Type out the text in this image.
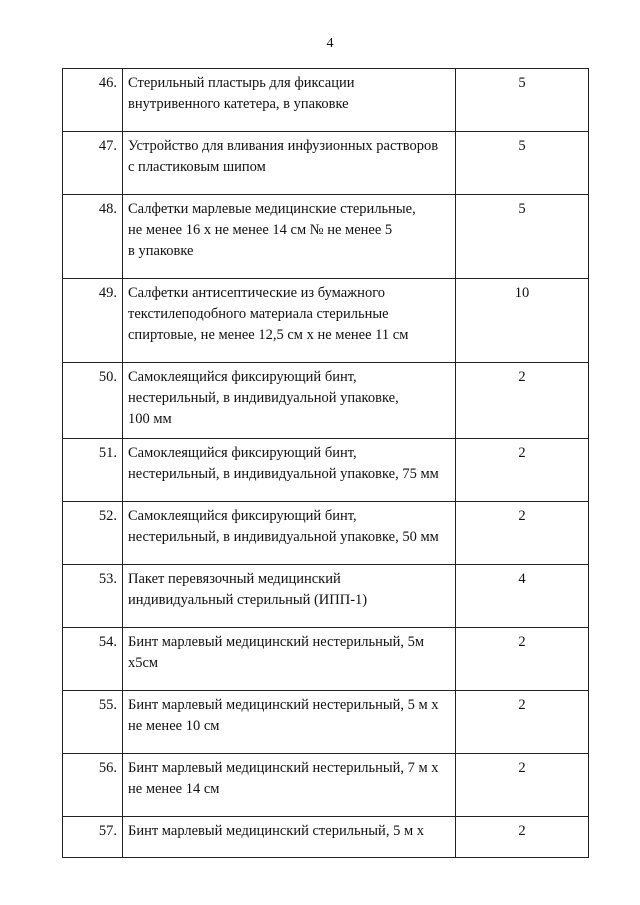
4
46.	Стерильный пластырь для фиксации
внутривенного катетера, в упаковке	5
47.	Устройство для вливания инфузионных растворов
с пластиковым шипом	5
48.	Салфетки марлевые медицинские стерильные,
не менее 16 х не менее 14 см № не менее 5
в упаковке	5
49.	Салфетки антисептические из бумажного
текстилеподобного материала стерильные
спиртовые, не менее 12,5 см х не менее 11 см	10
50.	Самоклеящийся фиксирующий бинт,
нестерильный, в индивидуальной упаковке,
100 мм	2
51.	Самоклеящийся фиксирующий бинт,
нестерильный, в индивидуальной упаковке, 75 мм	2
52.	Самоклеящийся фиксирующий бинт,
нестерильный, в индивидуальной упаковке, 50 мм	2
53.	Пакет перевязочный медицинский
индивидуальный стерильный (ИПП-1)	4
54.	Бинт марлевый медицинский нестерильный, 5м
х5см	2
55.	Бинт марлевый медицинский нестерильный, 5 м х
не менее 10 см	2
56.	Бинт марлевый медицинский нестерильный, 7 м х
не менее 14 см	2
57.	Бинт марлевый медицинский стерильный, 5 м х	2
